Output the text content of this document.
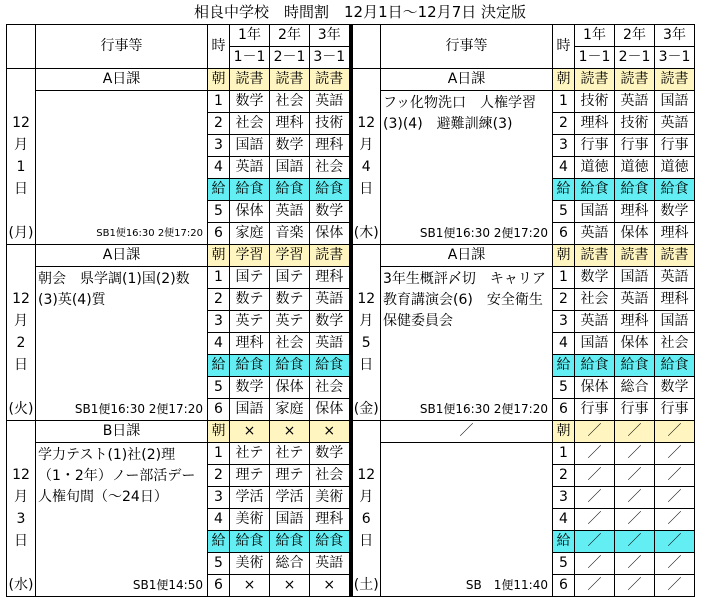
相良中学校　時間割　12月1日〜12月7日 決定版
	行事等	時	1年	2年	3年			行事等	時	1年	2年	3年
			1－1	2－1	3－1					1－1	2－1	3－1
	A日課	朝	読書	読書	読書			A日課	朝	読書	読書	読書
		1	数学	社会	英語			フッ化物洗口　人権学習(3)(4)　避難訓練(3)	1	技術	英語	国語
12		2	社会	理科	技術		12		2	理科	技術	英語
月		3	国語	数学	理科		月		3	行事	行事	行事
1		4	英語	国語	社会		4		4	道徳	道徳	道徳
日		給	給食	給食	給食		日		給	給食	給食	給食
		5	保体	英語	数学				5	国語	理科	数学
(月)	SB1便16:30 2便17:20	6	家庭	音楽	保体		(木)	SB1便16:30 2便17:20	6	英語	保体	理科
	A日課	朝	学習	学習	読書			A日課	朝	読書	読書	読書
	朝会　県学調(1)国(2)数(3)英(4)質	1	国テ	国テ	理科			3年生概評〆切　キャリア教育講演会(6)　安全衛生保健委員会	1	数学	国語	英語
12		2	数テ	数テ	英語		12		2	社会	英語	理科
月		3	英テ	英テ	数学		月		3	英語	理科	国語
2		4	理科	社会	英語		5		4	国語	保体	社会
日		給	給食	給食	給食		日		給	給食	給食	給食
		5	数学	保体	社会				5	保体	総合	数学
(火)	SB1便16:30 2便17:20	6	国語	家庭	保体		(金)	SB1便16:30 2便17:20	6	行事	行事	行事
	B日課	朝	×	×	×			／	朝	／	／	／
	学力テスト(1)社(2)理（1・2年）ノー部活デー　人権旬間（〜24日）	1	社テ	社テ	数学				1	／	／	／
12		2	理テ	理テ	社会		12		2	／	／	／
月		3	学活	学活	美術		月		3	／	／	／
3		4	美術	国語	理科		6		4	／	／	／
日		給	給食	給食	給食		日		給	／	／	／
		5	美術	総合	英語				5	／	／	／
(水)	SB1便14:50	6	×	×	×		(土)	SB　1便11:40	6	／	／	／
